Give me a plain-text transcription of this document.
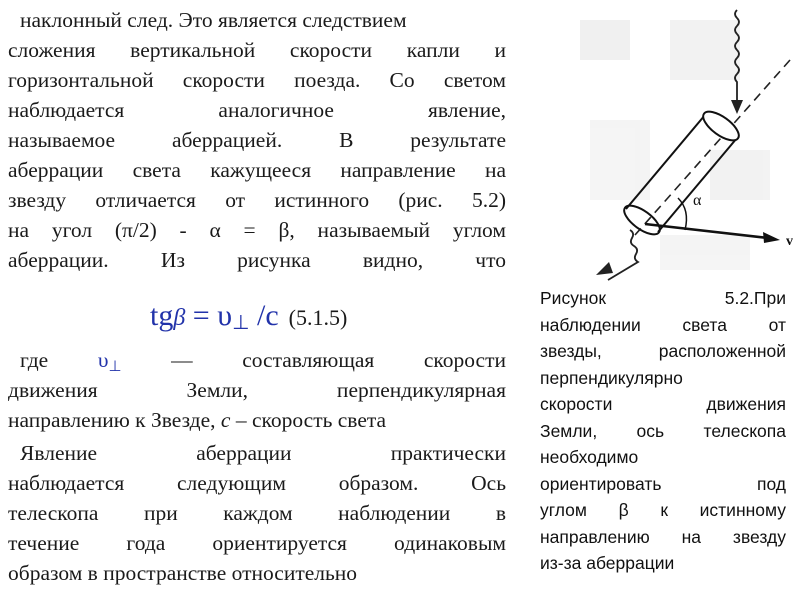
наклонный след. Это является следствием
сложения вертикальной скорости капли и
горизонтальной скорости поезда. Со светом
наблюдается аналогичное явление,
называемое аберрацией. В результате
аберрации света кажущееся направление на
звезду отличается от истинного (рис. 5.2)
на угол (π/2) - α = β, называемый углом
аберрации. Из рисунка видно, что
$tg\beta = \upsilon_\perp$ /c (5.1.5)
где υ⊥ — составляющая скорости
движения Земли, перпендикулярная
направлению к Звезде, с – скорость света
Явление аберрации практически
наблюдается следующим образом. Ось
телескопа при каждом наблюдении в
течение года ориентируется одинаковым
образом в пространстве относительно
v
α
Рисунок 5.2.При
наблюдении света от
звезды, расположенной
перпендикулярно
скорости движения
Земли, ось телескопа
необходимо
ориентировать под
углом β к истинному
направлению на звезду
из-за аберрации
